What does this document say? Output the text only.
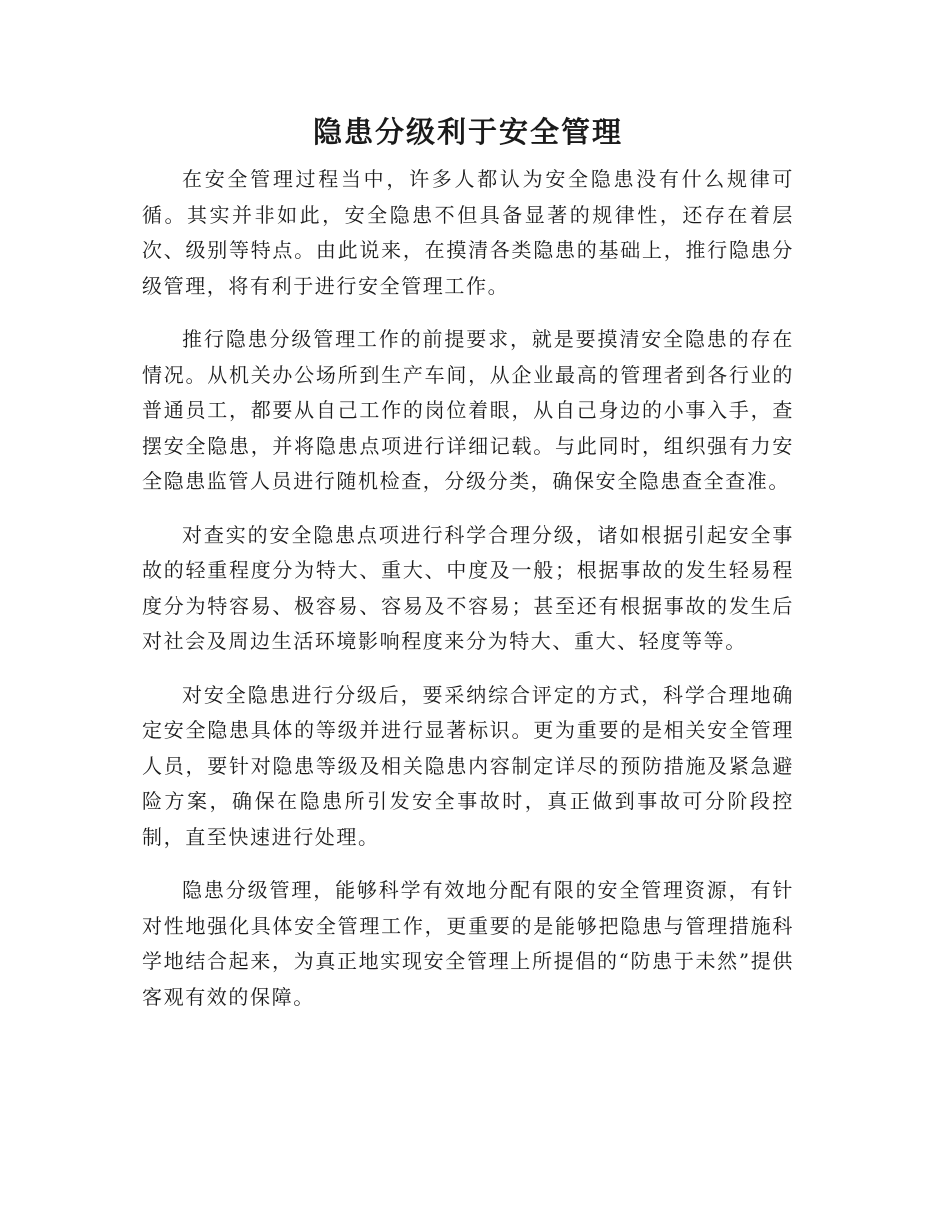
隐患分级利于安全管理

在安全管理过程当中，许多人都认为安全隐患没有什么规律可循。其实并非如此，安全隐患不但具备显著的规律性，还存在着层次、级别等特点。由此说来，在摸清各类隐患的基础上，推行隐患分级管理，将有利于进行安全管理工作。

推行隐患分级管理工作的前提要求，就是要摸清安全隐患的存在情况。从机关办公场所到生产车间，从企业最高的管理者到各行业的普通员工，都要从自己工作的岗位着眼，从自己身边的小事入手，查摆安全隐患，并将隐患点项进行详细记载。与此同时，组织强有力安全隐患监管人员进行随机检查，分级分类，确保安全隐患查全查准。

对查实的安全隐患点项进行科学合理分级，诸如根据引起安全事故的轻重程度分为特大、重大、中度及一般；根据事故的发生轻易程度分为特容易、极容易、容易及不容易；甚至还有根据事故的发生后对社会及周边生活环境影响程度来分为特大、重大、轻度等等。

对安全隐患进行分级后，要采纳综合评定的方式，科学合理地确定安全隐患具体的等级并进行显著标识。更为重要的是相关安全管理人员，要针对隐患等级及相关隐患内容制定详尽的预防措施及紧急避险方案，确保在隐患所引发安全事故时，真正做到事故可分阶段控制，直至快速进行处理。

隐患分级管理，能够科学有效地分配有限的安全管理资源，有针对性地强化具体安全管理工作，更重要的是能够把隐患与管理措施科学地结合起来，为真正地实现安全管理上所提倡的“防患于未然”提供客观有效的保障。
